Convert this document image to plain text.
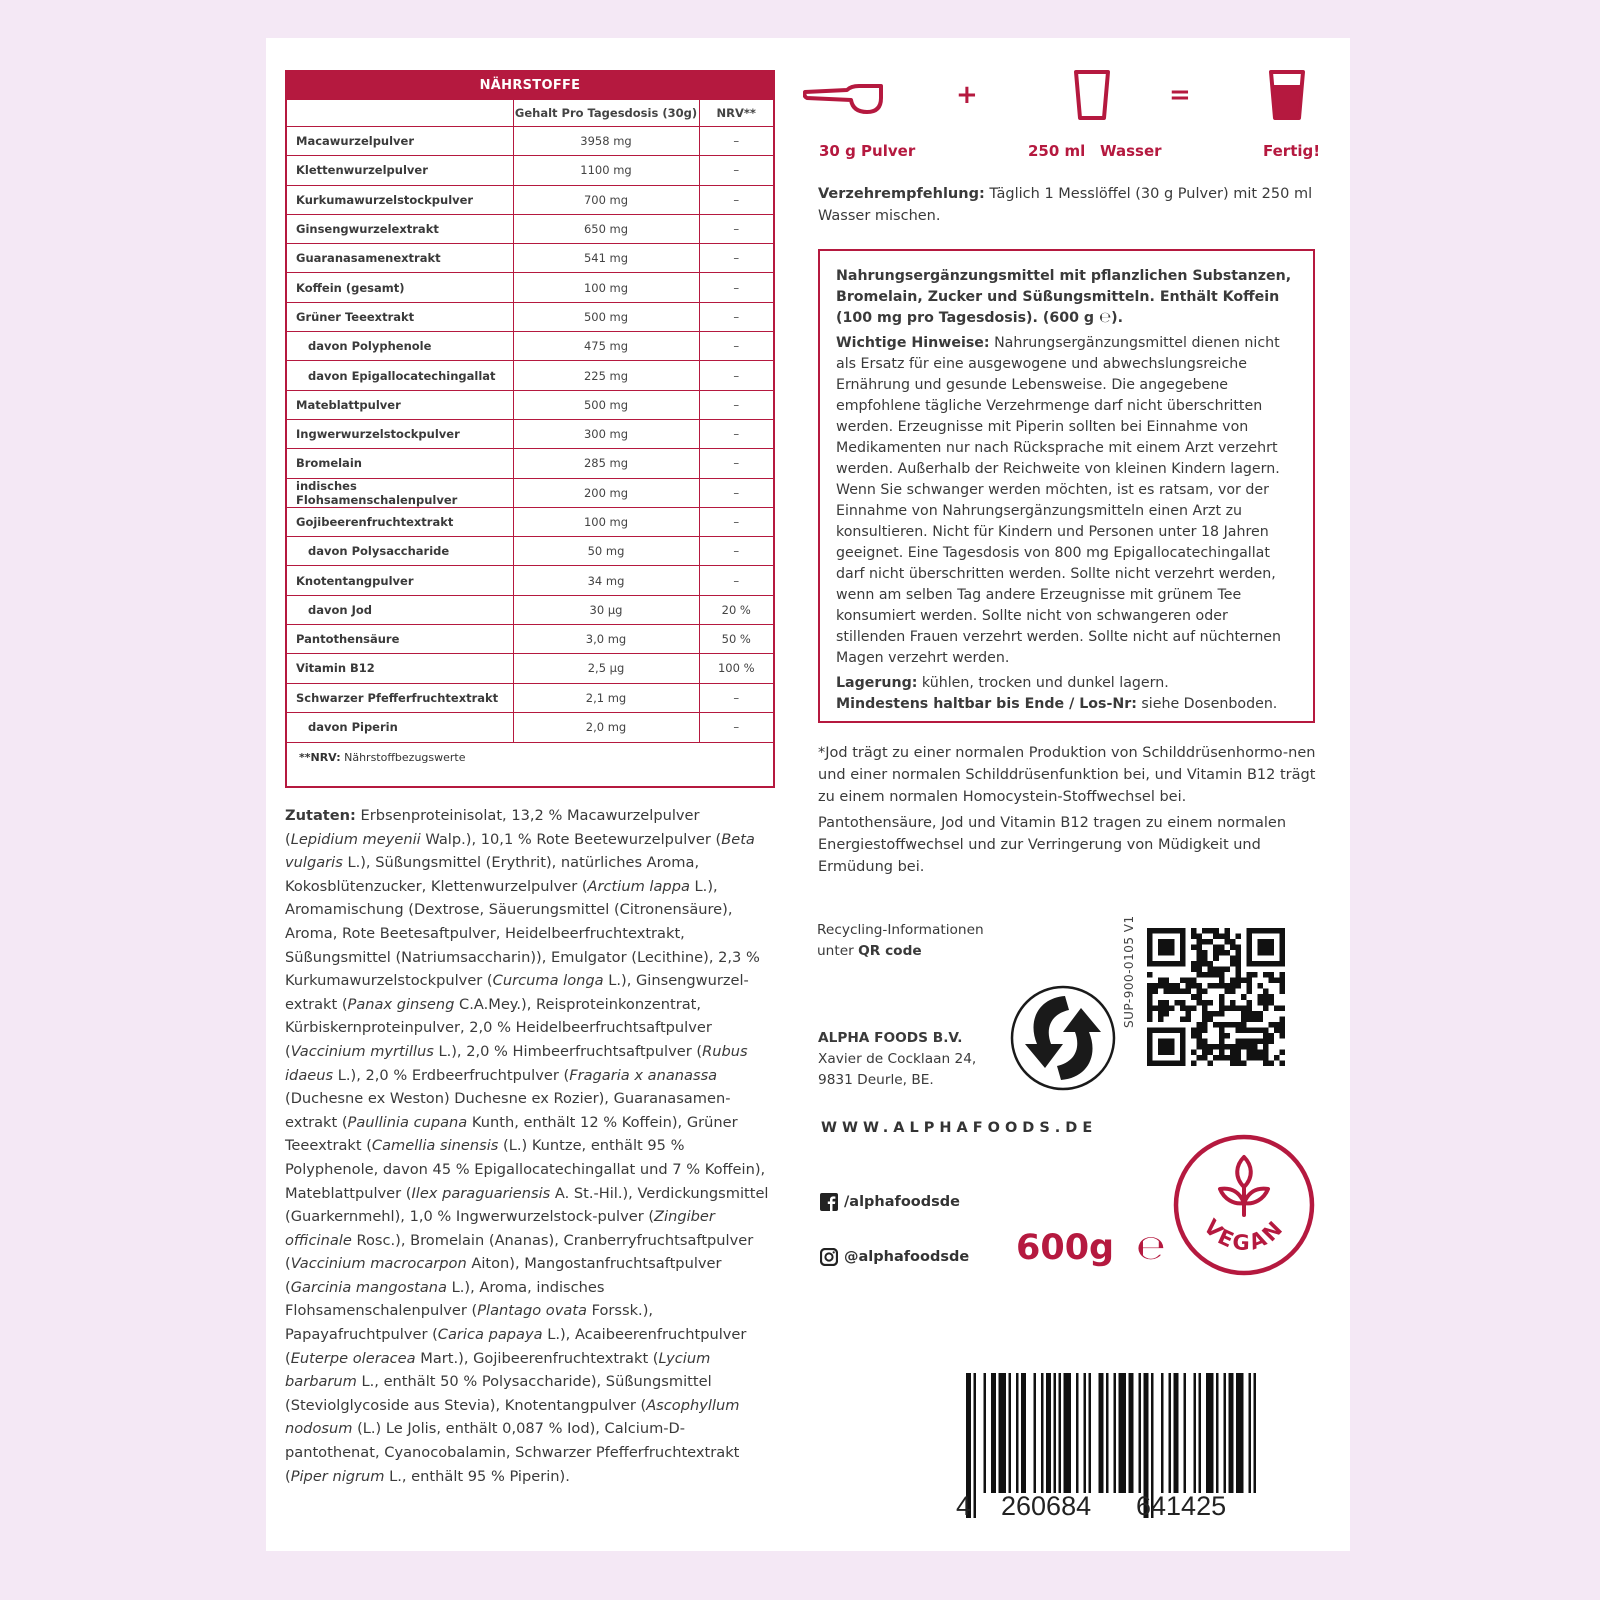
NÄHRSTOFFE
	Gehalt Pro Tagesdosis (30g)	NRV**
Macawurzelpulver	3958 mg	–
Klettenwurzelpulver	1100 mg	–
Kurkumawurzelstockpulver	700 mg	–
Ginsengwurzelextrakt	650 mg	–
Guaranasamenextrakt	541 mg	–
Koffein (gesamt)	100 mg	–
Grüner Teeextrakt	500 mg	–
davon Polyphenole	475 mg	–
davon Epigallocatechingallat	225 mg	–
Mateblattpulver	500 mg	–
Ingwerwurzelstockpulver	300 mg	–
Bromelain	285 mg	–
indisches Flohsamenschalenpulver	200 mg	–
Gojibeerenfruchtextrakt	100 mg	–
davon Polysaccharide	50 mg	–
Knotentangpulver	34 mg	–
davon Jod	30 µg	20 %
Pantothensäure	3,0 mg	50 %
Vitamin B12	2,5 µg	100 %
Schwarzer Pfefferfruchtextrakt	2,1 mg	–
davon Piperin	2,0 mg	–
**NRV: Nährstoffbezugswerte
Zutaten: Erbsenproteinisolat, 13,2 % Macawurzelpulver (Lepidium meyenii Walp.), 10,1 % Rote Beetewurzelpulver (Beta vulgaris L.), Süßungsmittel (Erythrit), natürliches Aroma, Kokosblütenzucker, Klettenwurzelpulver (Arctium lappa L.), Aromamischung (Dextrose, Säuerungsmittel (Citronensäure), Aroma, Rote Beetesaftpulver, Heidelbeerfruchtextrakt, Süßungsmittel (Natriumsaccharin)), Emulgator (Lecithine), 2,3 % Kurkumawurzelstockpulver (Curcuma longa L.), Ginsengwurzel-extrakt (Panax ginseng C.A.Mey.), Reisproteinkonzentrat, Kürbiskernproteinpulver, 2,0 % Heidelbeerfruchtsaftpulver (Vaccinium myrtillus L.), 2,0 % Himbeerfruchtsaftpulver (Rubus idaeus L.), 2,0 % Erdbeerfruchtpulver (Fragaria x ananassa (Duchesne ex Weston) Duchesne ex Rozier), Guaranasamen-extrakt (Paullinia cupana Kunth, enthält 12 % Koffein), Grüner Teeextrakt (Camellia sinensis (L.) Kuntze, enthält 95 % Polyphenole, davon 45 % Epigallocatechingallat und 7 % Koffein), Mateblattpulver (Ilex paraguariensis A. St.-Hil.), Verdickungsmittel (Guarkernmehl), 1,0 % Ingwerwurzelstock-pulver (Zingiber officinale Rosc.), Bromelain (Ananas), Cranberryfruchtsaftpulver (Vaccinium macrocarpon Aiton), Mangostanfruchtsaftpulver (Garcinia mangostana L.), Aroma, indisches Flohsamenschalenpulver (Plantago ovata Forssk.), Papayafruchtpulver (Carica papaya L.), Acaibeerenfruchtpulver (Euterpe oleracea Mart.), Gojibeerenfruchtextrakt (Lycium barbarum L., enthält 50 % Polysaccharide), Süßungsmittel (Steviolglycoside aus Stevia), Knotentangpulver (Ascophyllum nodosum (L.) Le Jolis, enthält 0,087 % Iod), Calcium-D-pantothenat, Cyanocobalamin, Schwarzer Pfefferfruchtextrakt (Piper nigrum L., enthält 95 % Piperin).
+	=
30 g Pulver	250 ml Wasser	Fertig!
Verzehrempfehlung: Täglich 1 Messlöffel (30 g Pulver) mit 250 ml Wasser mischen.

Nahrungsergänzungsmittel mit pflanzlichen Substanzen, Bromelain, Zucker und Süßungsmitteln. Enthält Koffein (100 mg pro Tagesdosis). (600 g ℮).

Wichtige Hinweise: Nahrungsergänzungsmittel dienen nicht als Ersatz für eine ausgewogene und abwechslungsreiche Ernährung und gesunde Lebensweise. Die angegebene empfohlene tägliche Verzehrmenge darf nicht überschritten werden. Erzeugnisse mit Piperin sollten bei Einnahme von Medikamenten nur nach Rücksprache mit einem Arzt verzehrt werden. Außerhalb der Reichweite von kleinen Kindern lagern. Wenn Sie schwanger werden möchten, ist es ratsam, vor der Einnahme von Nahrungsergänzungsmitteln einen Arzt zu konsultieren. Nicht für Kindern und Personen unter 18 Jahren geeignet. Eine Tagesdosis von 800 mg Epigallocatechingallat darf nicht überschritten werden. Sollte nicht verzehrt werden, wenn am selben Tag andere Erzeugnisse mit grünem Tee konsumiert werden. Sollte nicht von schwangeren oder stillenden Frauen verzehrt werden. Sollte nicht auf nüchternen Magen verzehrt werden.

Lagerung: kühlen, trocken und dunkel lagern.

Mindestens haltbar bis Ende / Los-Nr: siehe Dosenboden.

*Jod trägt zu einer normalen Produktion von Schilddrüsenhormo-nen und einer normalen Schilddrüsenfunktion bei, und Vitamin B12 trägt zu einem normalen Homocystein-Stoffwechsel bei.

Pantothensäure, Jod und Vitamin B12 tragen zu einem normalen Energiestoffwechsel und zur Verringerung von Müdigkeit und Ermüdung bei.

Recycling-Informationen
unter QR code	SUP-900-0105 V1
ALPHA FOODS B.V.
Xavier de Cocklaan 24,
9831 Deurle, BE.
WWW.ALPHAFOODS.DE
/alphafoodsde
@alphafoodsde 600g ℮ VEGAN
4 260684 641425
